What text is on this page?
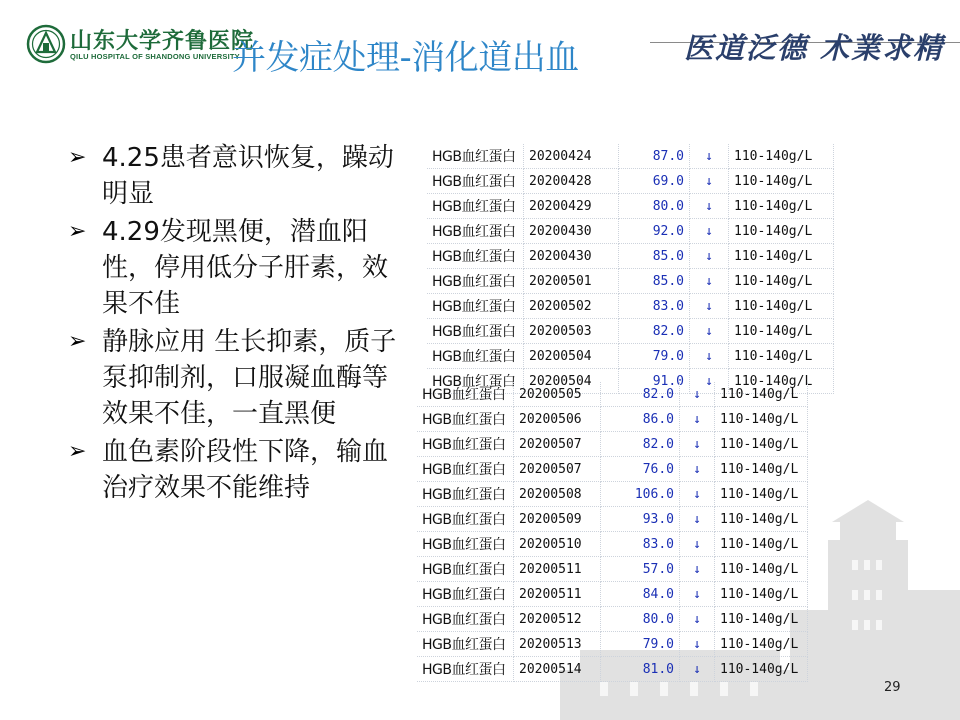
山东大学齐鲁医院
QILU HOSPITAL OF SHANDONG UNIVERSITY
并发症处理-消化道出血	医道泛德 术業求精
➢ 4.25患者意识恢复，躁动明显
➢ 4.29发现黑便，潜血阳性，停用低分子肝素，效果不佳
➢ 静脉应用 生长抑素，质子泵抑制剂，口服凝血酶等效果不佳，一直黑便
➢ 血色素阶段性下降，输血治疗效果不能维持
HGB血红蛋白	20200424	87.0	↓	110-140g/L
HGB血红蛋白	20200428	69.0	↓	110-140g/L
HGB血红蛋白	20200429	80.0	↓	110-140g/L
HGB血红蛋白	20200430	92.0	↓	110-140g/L
HGB血红蛋白	20200430	85.0	↓	110-140g/L
HGB血红蛋白	20200501	85.0	↓	110-140g/L
HGB血红蛋白	20200502	83.0	↓	110-140g/L
HGB血红蛋白	20200503	82.0	↓	110-140g/L
HGB血红蛋白	20200504	79.0	↓	110-140g/L
HGB血红蛋白	20200504	91.0	↓	110-140g/L
HGB血红蛋白	20200505	82.0	↓	110-140g/L
HGB血红蛋白	20200506	86.0	↓	110-140g/L
HGB血红蛋白	20200507	82.0	↓	110-140g/L
HGB血红蛋白	20200507	76.0	↓	110-140g/L
HGB血红蛋白	20200508	106.0	↓	110-140g/L
HGB血红蛋白	20200509	93.0	↓	110-140g/L
HGB血红蛋白	20200510	83.0	↓	110-140g/L
HGB血红蛋白	20200511	57.0	↓	110-140g/L
HGB血红蛋白	20200511	84.0	↓	110-140g/L
HGB血红蛋白	20200512	80.0	↓	110-140g/L
HGB血红蛋白	20200513	79.0	↓	110-140g/L
HGB血红蛋白	20200514	81.0	↓	110-140g/L
29
